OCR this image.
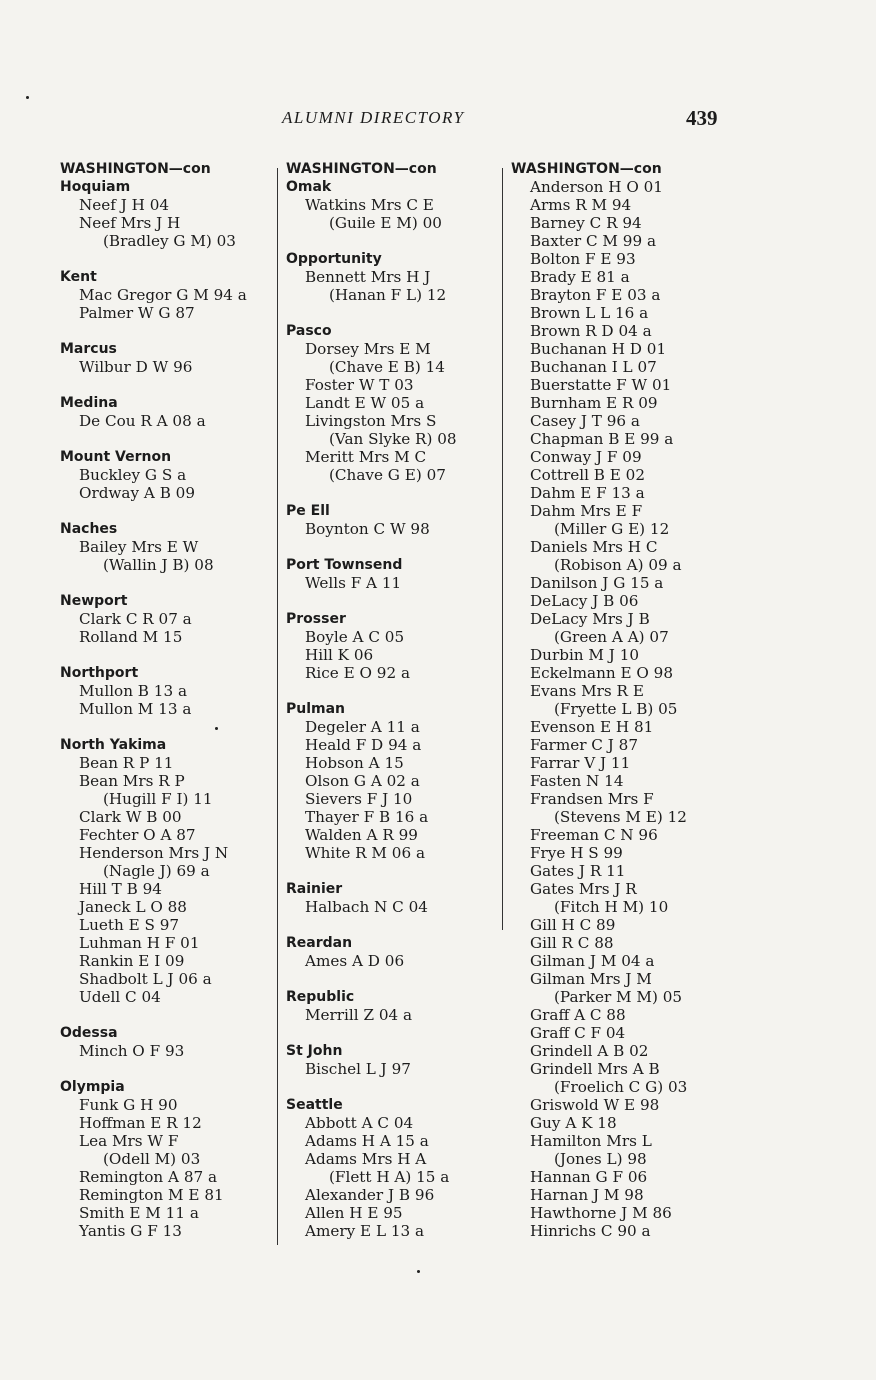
ALUMNI DIRECTORY	439
WASHINGTON—con
Hoquiam
Neef J H 04
Neef Mrs J H
(Bradley G M) 03
Kent
Mac Gregor G M 94 a
Palmer W G 87
Marcus
Wilbur D W 96
Medina
De Cou R A 08 a
Mount Vernon
Buckley G S a
Ordway A B 09
Naches
Bailey Mrs E W
(Wallin J B) 08
Newport
Clark C R 07 a
Rolland M 15
Northport
Mullon B 13 a
Mullon M 13 a
North Yakima
Bean R P 11
Bean Mrs R P
(Hugill F I) 11
Clark W B 00
Fechter O A 87
Henderson Mrs J N
(Nagle J) 69 a
Hill T B 94
Janeck L O 88
Lueth E S 97
Luhman H F 01
Rankin E I 09
Shadbolt L J 06 a
Udell C 04
Odessa
Minch O F 93
Olympia
Funk G H 90
Hoffman E R 12
Lea Mrs W F
(Odell M) 03
Remington A 87 a
Remington M E 81
Smith E M 11 a
Yantis G F 13
WASHINGTON—con
Omak
Watkins Mrs C E
(Guile E M) 00
Opportunity
Bennett Mrs H J
(Hanan F L) 12
Pasco
Dorsey Mrs E M
(Chave E B) 14
Foster W T 03
Landt E W 05 a
Livingston Mrs S
(Van Slyke R) 08
Meritt Mrs M C
(Chave G E) 07
Pe Ell
Boynton C W 98
Port Townsend
Wells F A 11
Prosser
Boyle A C 05
Hill K 06
Rice E O 92 a
Pulman
Degeler A 11 a
Heald F D 94 a
Hobson A 15
Olson G A 02 a
Sievers F J 10
Thayer F B 16 a
Walden A R 99
White R M 06 a
Rainier
Halbach N C 04
Reardan
Ames A D 06
Republic
Merrill Z 04 a
St John
Bischel L J 97
Seattle
Abbott A C 04
Adams H A 15 a
Adams Mrs H A
(Flett H A) 15 a
Alexander J B 96
Allen H E 95
Amery E L 13 a
WASHINGTON—con
Anderson H O 01
Arms R M 94
Barney C R 94
Baxter C M 99 a
Bolton F E 93
Brady E 81 a
Brayton F E 03 a
Brown L L 16 a
Brown R D 04 a
Buchanan H D 01
Buchanan I L 07
Buerstatte F W 01
Burnham E R 09
Casey J T 96 a
Chapman B E 99 a
Conway J F 09
Cottrell B E 02
Dahm E F 13 a
Dahm Mrs E F
(Miller G E) 12
Daniels Mrs H C
(Robison A) 09 a
Danilson J G 15 a
DeLacy J B 06
DeLacy Mrs J B
(Green A A) 07
Durbin M J 10
Eckelmann E O 98
Evans Mrs R E
(Fryette L B) 05
Evenson E H 81
Farmer C J 87
Farrar V J 11
Fasten N 14
Frandsen Mrs F
(Stevens M E) 12
Freeman C N 96
Frye H S 99
Gates J R 11
Gates Mrs J R
(Fitch H M) 10
Gill H C 89
Gill R C 88
Gilman J M 04 a
Gilman Mrs J M
(Parker M M) 05
Graff A C 88
Graff C F 04
Grindell A B 02
Grindell Mrs A B
(Froelich C G) 03
Griswold W E 98
Guy A K 18
Hamilton Mrs L
(Jones L) 98
Hannan G F 06
Harnan J M 98
Hawthorne J M 86
Hinrichs C 90 a
